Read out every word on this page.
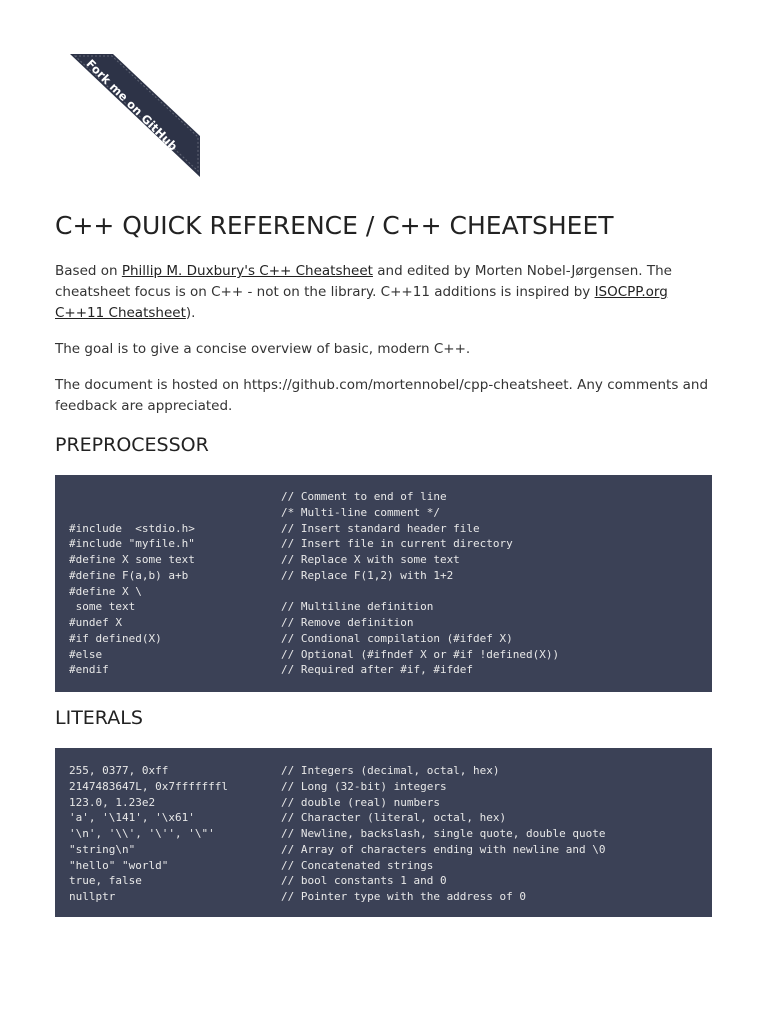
Fork me on GitHub
C++ QUICK REFERENCE / C++ CHEATSHEET

Based on Phillip M. Duxbury's C++ Cheatsheet and edited by Morten Nobel-Jørgensen. The cheatsheet focus is on C++ - not on the library. C++11 additions is inspired by ISOCPP.org C++11 Cheatsheet).

The goal is to give a concise overview of basic, modern C++.

The document is hosted on https://github.com/mortennobel/cpp-cheatsheet. Any comments and feedback are appreciated.

PREPROCESSOR
// Comment to end of line
/* Multi-line comment */
#include  <stdio.h>	// Insert standard header file
#include "myfile.h"	// Insert file in current directory
#define X some text	// Replace X with some text
#define F(a,b) a+b	// Replace F(1,2) with 1+2
#define X \
some text	// Multiline definition
#undef X	// Remove definition
#if defined(X)	// Condional compilation (#ifdef X)
#else	// Optional (#ifndef X or #if !defined(X))
#endif	// Required after #if, #ifdef
LITERALS
255, 0377, 0xff	// Integers (decimal, octal, hex)
2147483647L, 0x7fffffffl	// Long (32-bit) integers
123.0, 1.23e2	// double (real) numbers
'a', '\141', '\x61'	// Character (literal, octal, hex)
'\n', '\\', '\'', '\"'	// Newline, backslash, single quote, double quote
"string\n"	// Array of characters ending with newline and \0
"hello" "world"	// Concatenated strings
true, false	// bool constants 1 and 0
nullptr	// Pointer type with the address of 0
